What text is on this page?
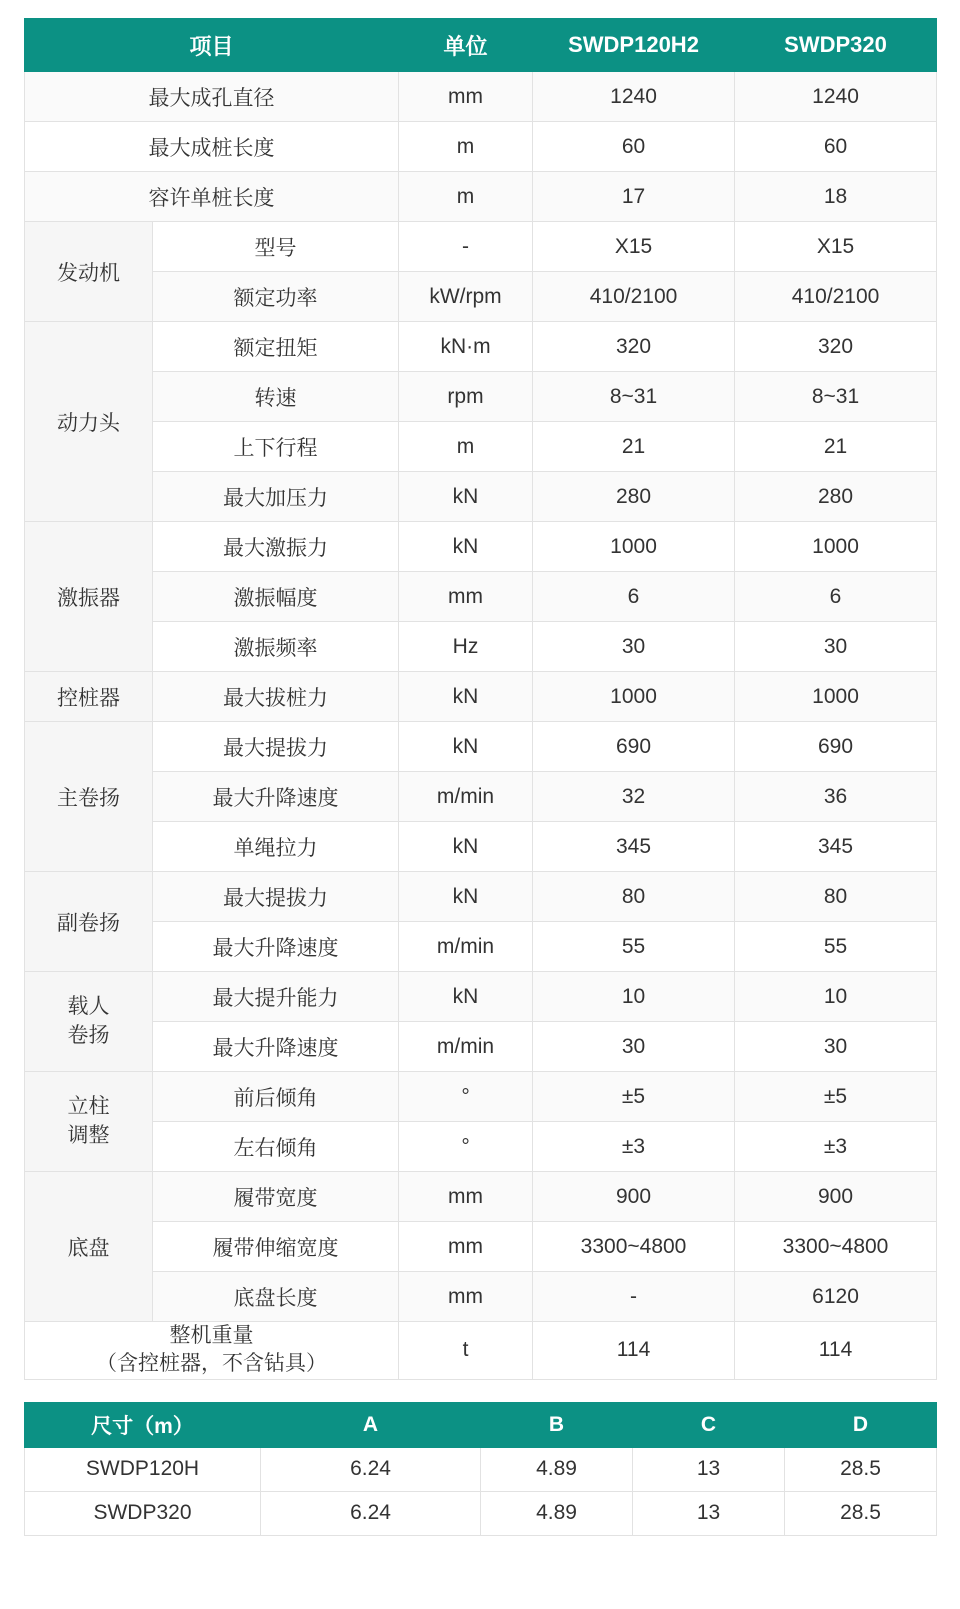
项目		单位	SWDP120H2	SWDP320
最大成孔直径		mm	1240	1240
最大成桩长度		m	60	60
容许单桩长度		m	17	18
发动机	型号	-	X15	X15
	额定功率	kW/rpm	410/2100	410/2100
动力头	额定扭矩	kN·m	320	320
	转速	rpm	8~31	8~31
	上下行程	m	21	21
	最大加压力	kN	280	280
激振器	最大激振力	kN	1000	1000
	激振幅度	mm	6	6
	激振频率	Hz	30	30
控桩器	最大拔桩力	kN	1000	1000
主卷扬	最大提拔力	kN	690	690
	最大升降速度	m/min	32	36
	单绳拉力	kN	345	345
副卷扬	最大提拔力	kN	80	80
	最大升降速度	m/min	55	55

载人
卷扬	最大提升能力	kN	10	10
	最大升降速度	m/min	30	30

立柱
调整	前后倾角	°	±5	±5
	左右倾角	°	±3	±3
底盘	履带宽度	mm	900	900
	履带伸缩宽度	mm	3300~4800	3300~4800
	底盘长度	mm	-	6120

整机重量
（含控桩器，不含钻具）		t	114	114
尺寸（m）	A	B	C	D
SWDP120H	6.24	4.89	13	28.5
SWDP320	6.24	4.89	13	28.5
